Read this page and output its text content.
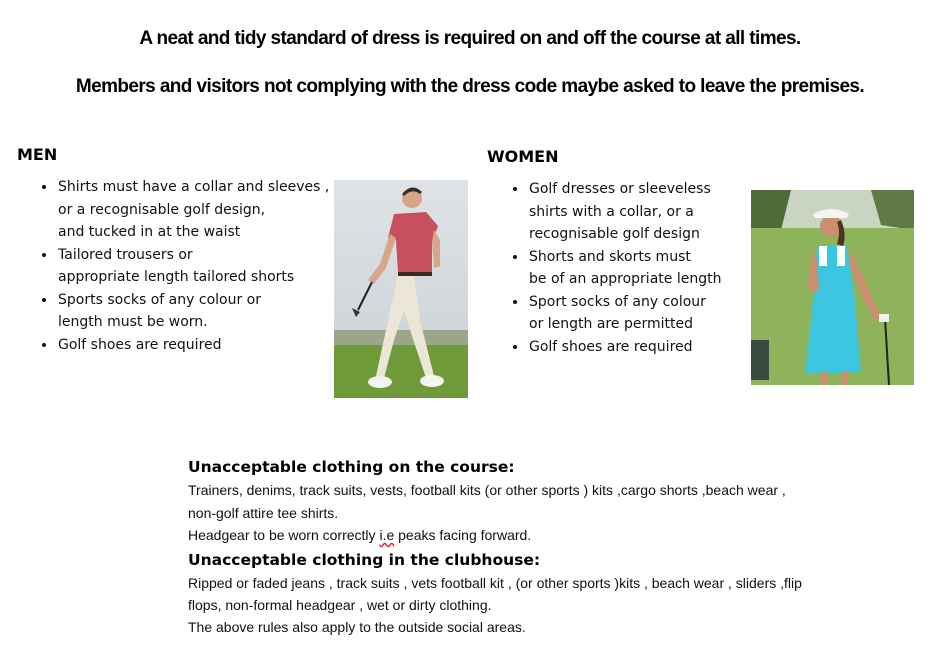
A neat and tidy standard of dress is required on and off the course at all times.
Members and visitors not complying with the dress code maybe asked to leave the premises.
MEN
• Shirts must have a collar and sleeves ,
or a recognisable golf design,
and tucked in at the waist
• Tailored trousers or
appropriate length tailored shorts
• Sports socks of any colour or
length must be worn.
• Golf shoes are required
WOMEN
• Golf dresses or sleeveless
shirts with a collar, or a
recognisable golf design
• Shorts and skorts must
be of an appropriate length
• Sport socks of any colour
or length are permitted
• Golf shoes are required
Unacceptable clothing on the course:
Trainers, denims, track suits, vests, football kits (or other sports ) kits ,cargo shorts ,beach wear ,
non-golf attire tee shirts.
Headgear to be worn correctly i.e peaks facing forward.
Unacceptable clothing in the clubhouse:
Ripped or faded jeans , track suits , vets football kit , (or other sports )kits , beach wear , sliders ,flip
flops, non-formal headgear , wet or dirty clothing.
The above rules also apply to the outside social areas.
